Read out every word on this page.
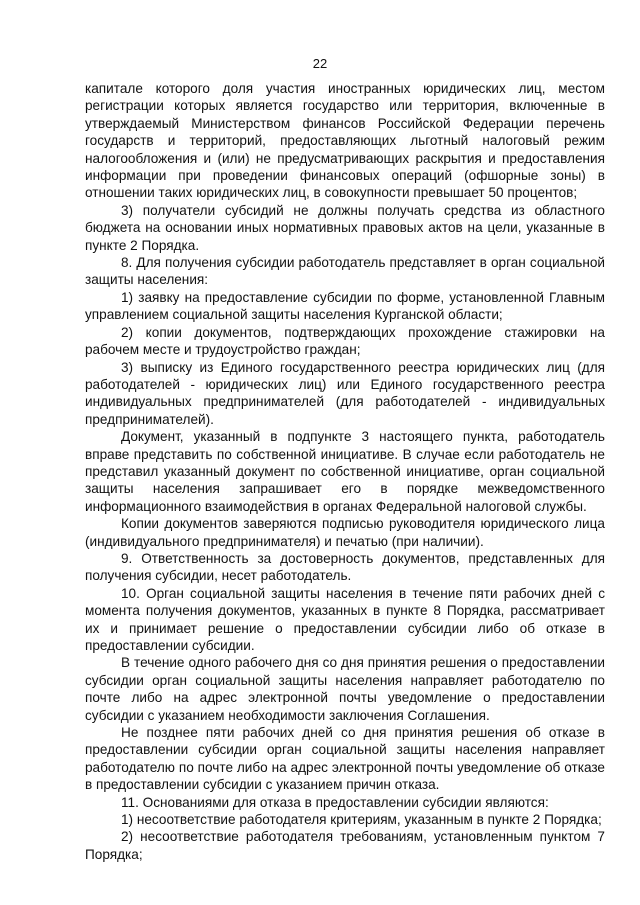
22

капитале которого доля участия иностранных юридических лиц, местом регистрации которых является государство или территория, включенные в утверждаемый Министерством финансов Российской Федерации перечень государств и территорий, предоставляющих льготный налоговый режим налогообложения и (или) не предусматривающих раскрытия и предоставления информации при проведении финансовых операций (офшорные зоны) в отношении таких юридических лиц, в совокупности превышает 50 процентов;

3) получатели субсидий не должны получать средства из областного бюджета на основании иных нормативных правовых актов на цели, указанные в пункте 2 Порядка.

8. Для получения субсидии работодатель представляет в орган социальной защиты населения:

1) заявку на предоставление субсидии по форме, установленной Главным управлением социальной защиты населения Курганской области;

2) копии документов, подтверждающих прохождение стажировки на рабочем месте и трудоустройство граждан;

3) выписку из Единого государственного реестра юридических лиц (для работодателей - юридических лиц) или Единого государственного реестра индивидуальных предпринимателей (для работодателей - индивидуальных предпринимателей).

Документ, указанный в подпункте 3 настоящего пункта, работодатель вправе представить по собственной инициативе. В случае если работодатель не представил указанный документ по собственной инициативе, орган социальной защиты населения запрашивает его в порядке межведомственного информационного взаимодействия в органах Федеральной налоговой службы.

Копии документов заверяются подписью руководителя юридического лица (индивидуального предпринимателя) и печатью (при наличии).

9. Ответственность за достоверность документов, представленных для получения субсидии, несет работодатель.

10. Орган социальной защиты населения в течение пяти рабочих дней с момента получения документов, указанных в пункте 8 Порядка, рассматривает их и принимает решение о предоставлении субсидии либо об отказе в предоставлении субсидии.

В течение одного рабочего дня со дня принятия решения о предоставлении субсидии орган социальной защиты населения направляет работодателю по почте либо на адрес электронной почты уведомление о предоставлении субсидии с указанием необходимости заключения Соглашения.

Не позднее пяти рабочих дней со дня принятия решения об отказе в предоставлении субсидии орган социальной защиты населения направляет работодателю по почте либо на адрес электронной почты уведомление об отказе в предоставлении субсидии с указанием причин отказа.

11. Основаниями для отказа в предоставлении субсидии являются:

1) несоответствие работодателя критериям, указанным в пункте 2 Порядка;

2) несоответствие работодателя требованиям, установленным пунктом 7 Порядка;
